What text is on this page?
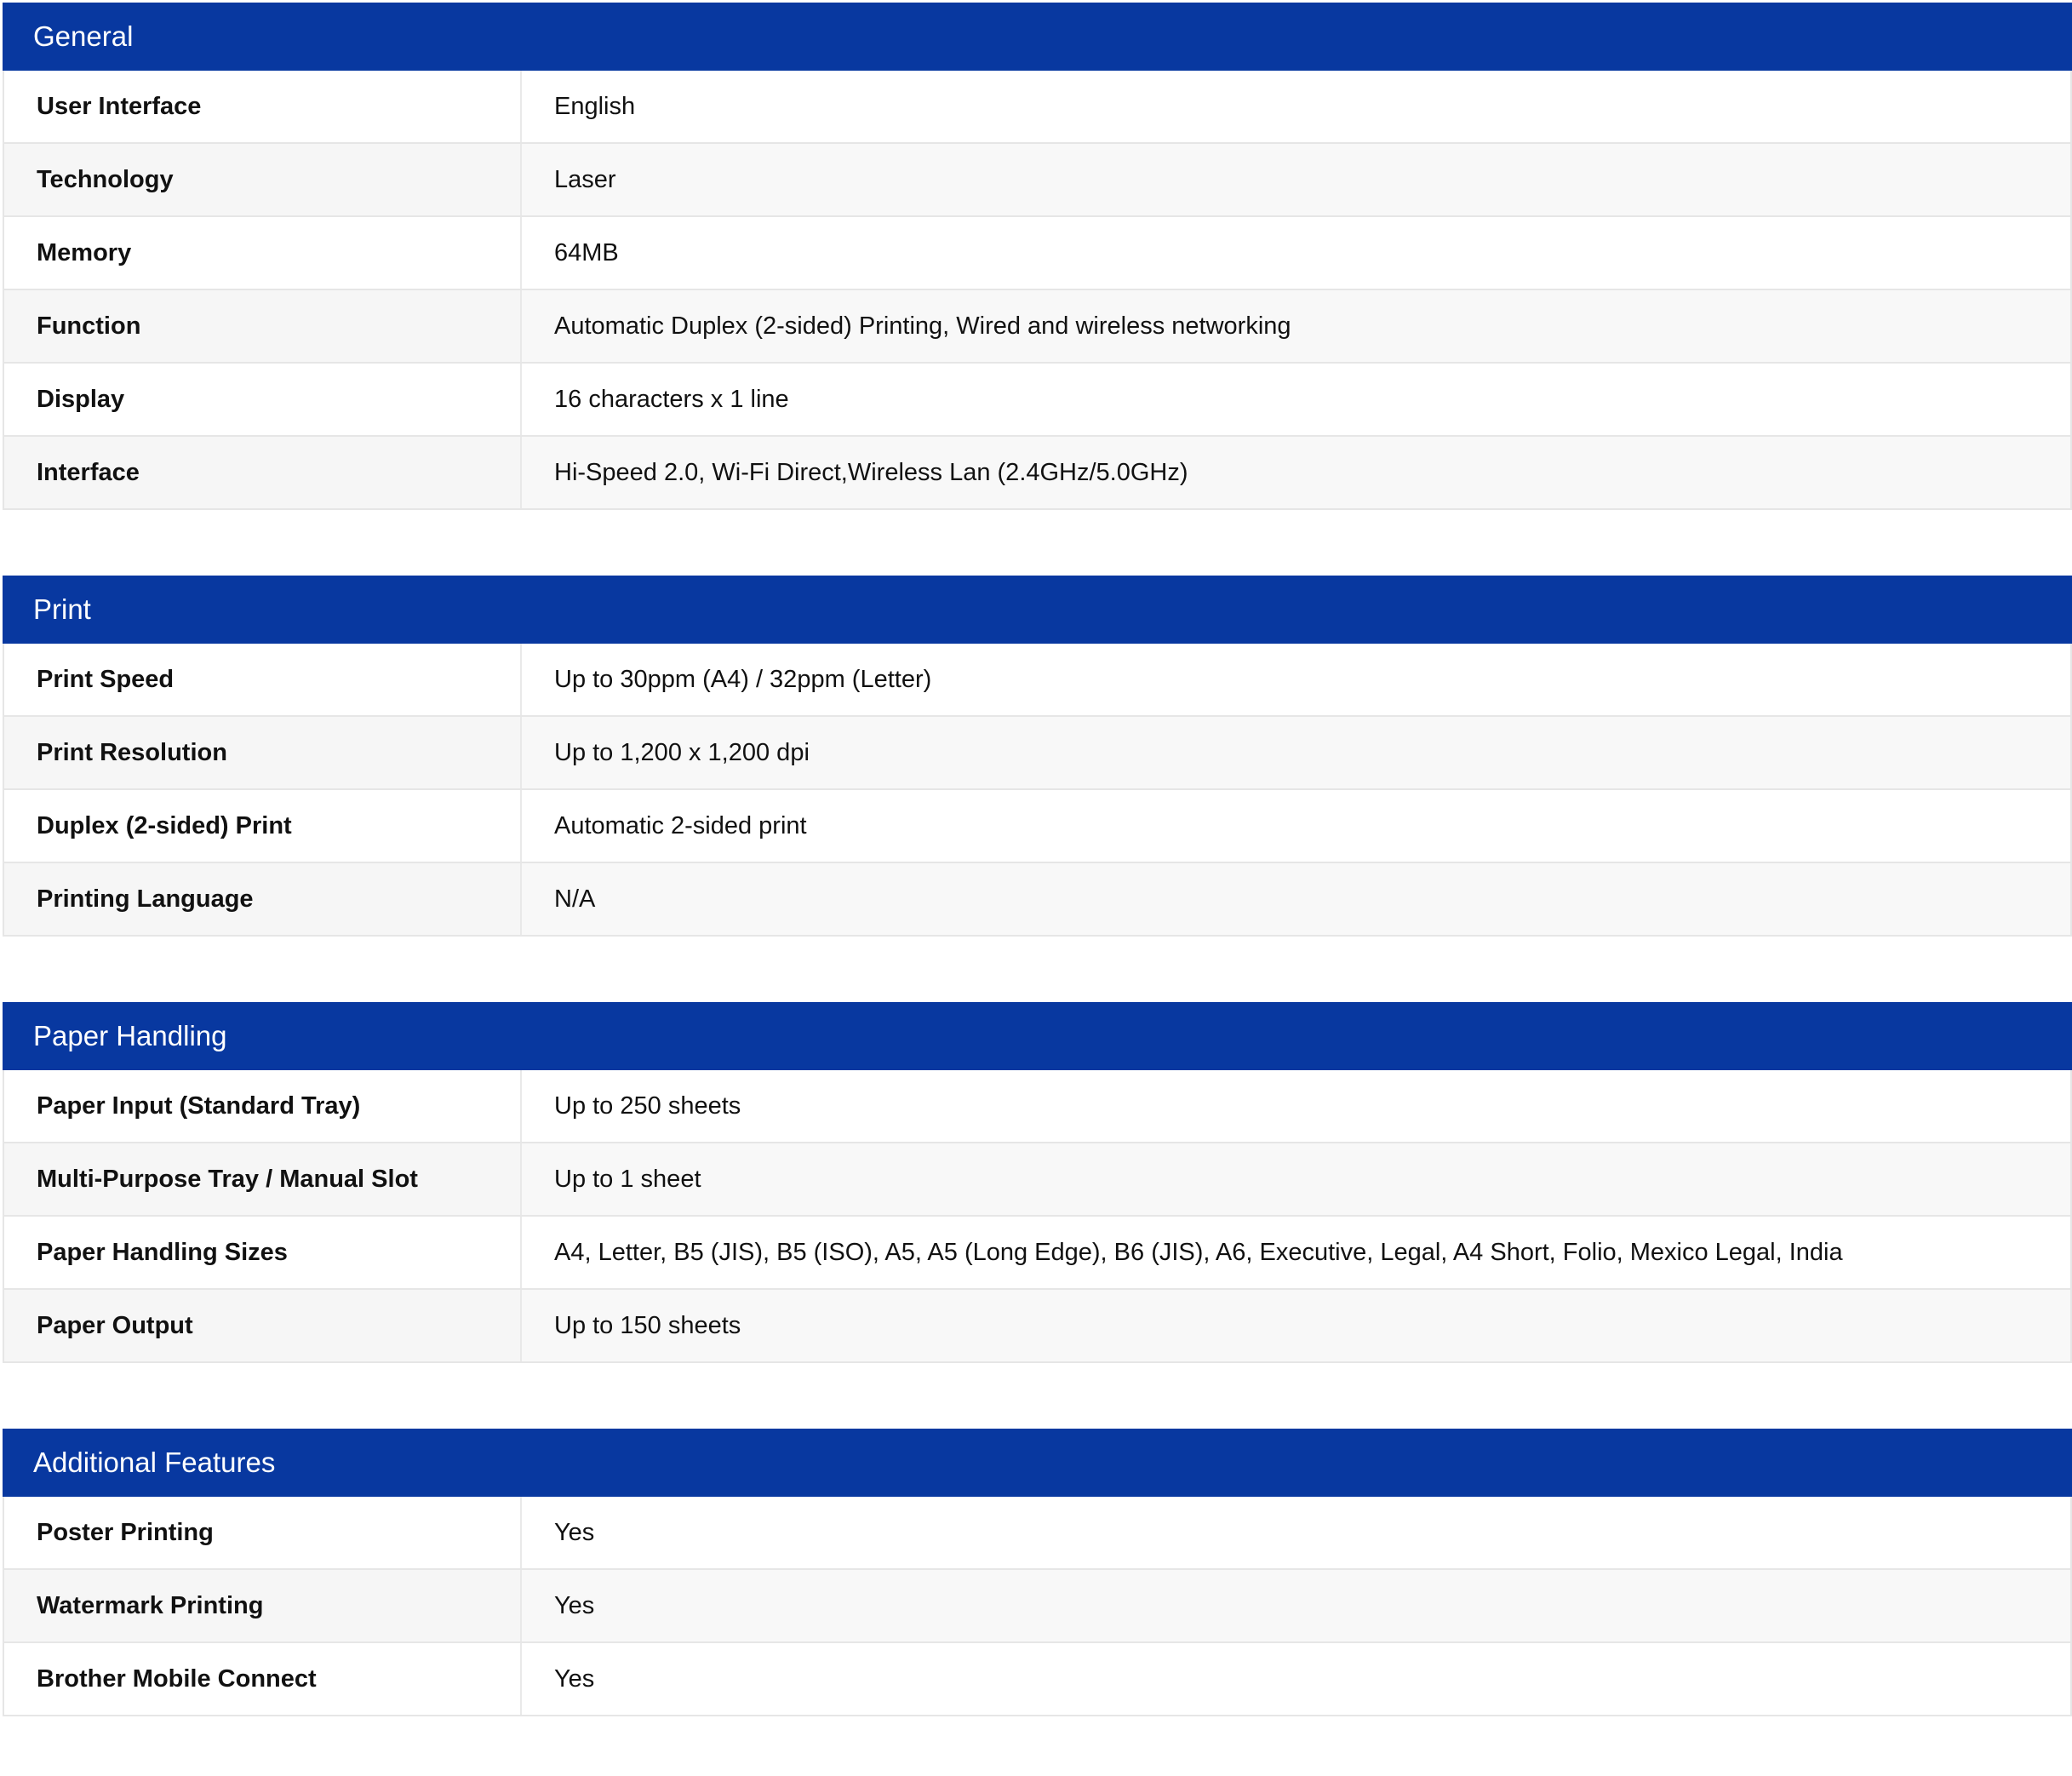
General
User Interface	English
Technology	Laser
Memory	64MB
Function	Automatic Duplex (2-sided) Printing, Wired and wireless networking
Display	16 characters x 1 line
Interface	Hi-Speed 2.0, Wi-Fi Direct,Wireless Lan (2.4GHz/5.0GHz)
Print
Print Speed	Up to 30ppm (A4) / 32ppm (Letter)
Print Resolution	Up to 1,200 x 1,200 dpi
Duplex (2-sided) Print	Automatic 2-sided print
Printing Language	N/A
Paper Handling
Paper Input (Standard Tray)	Up to 250 sheets
Multi-Purpose Tray / Manual Slot	Up to 1 sheet
Paper Handling Sizes	A4, Letter, B5 (JIS), B5 (ISO), A5, A5 (Long Edge), B6 (JIS), A6, Executive, Legal, A4 Short, Folio, Mexico Legal, India
Paper Output	Up to 150 sheets
Additional Features
Poster Printing	Yes
Watermark Printing	Yes
Brother Mobile Connect	Yes
